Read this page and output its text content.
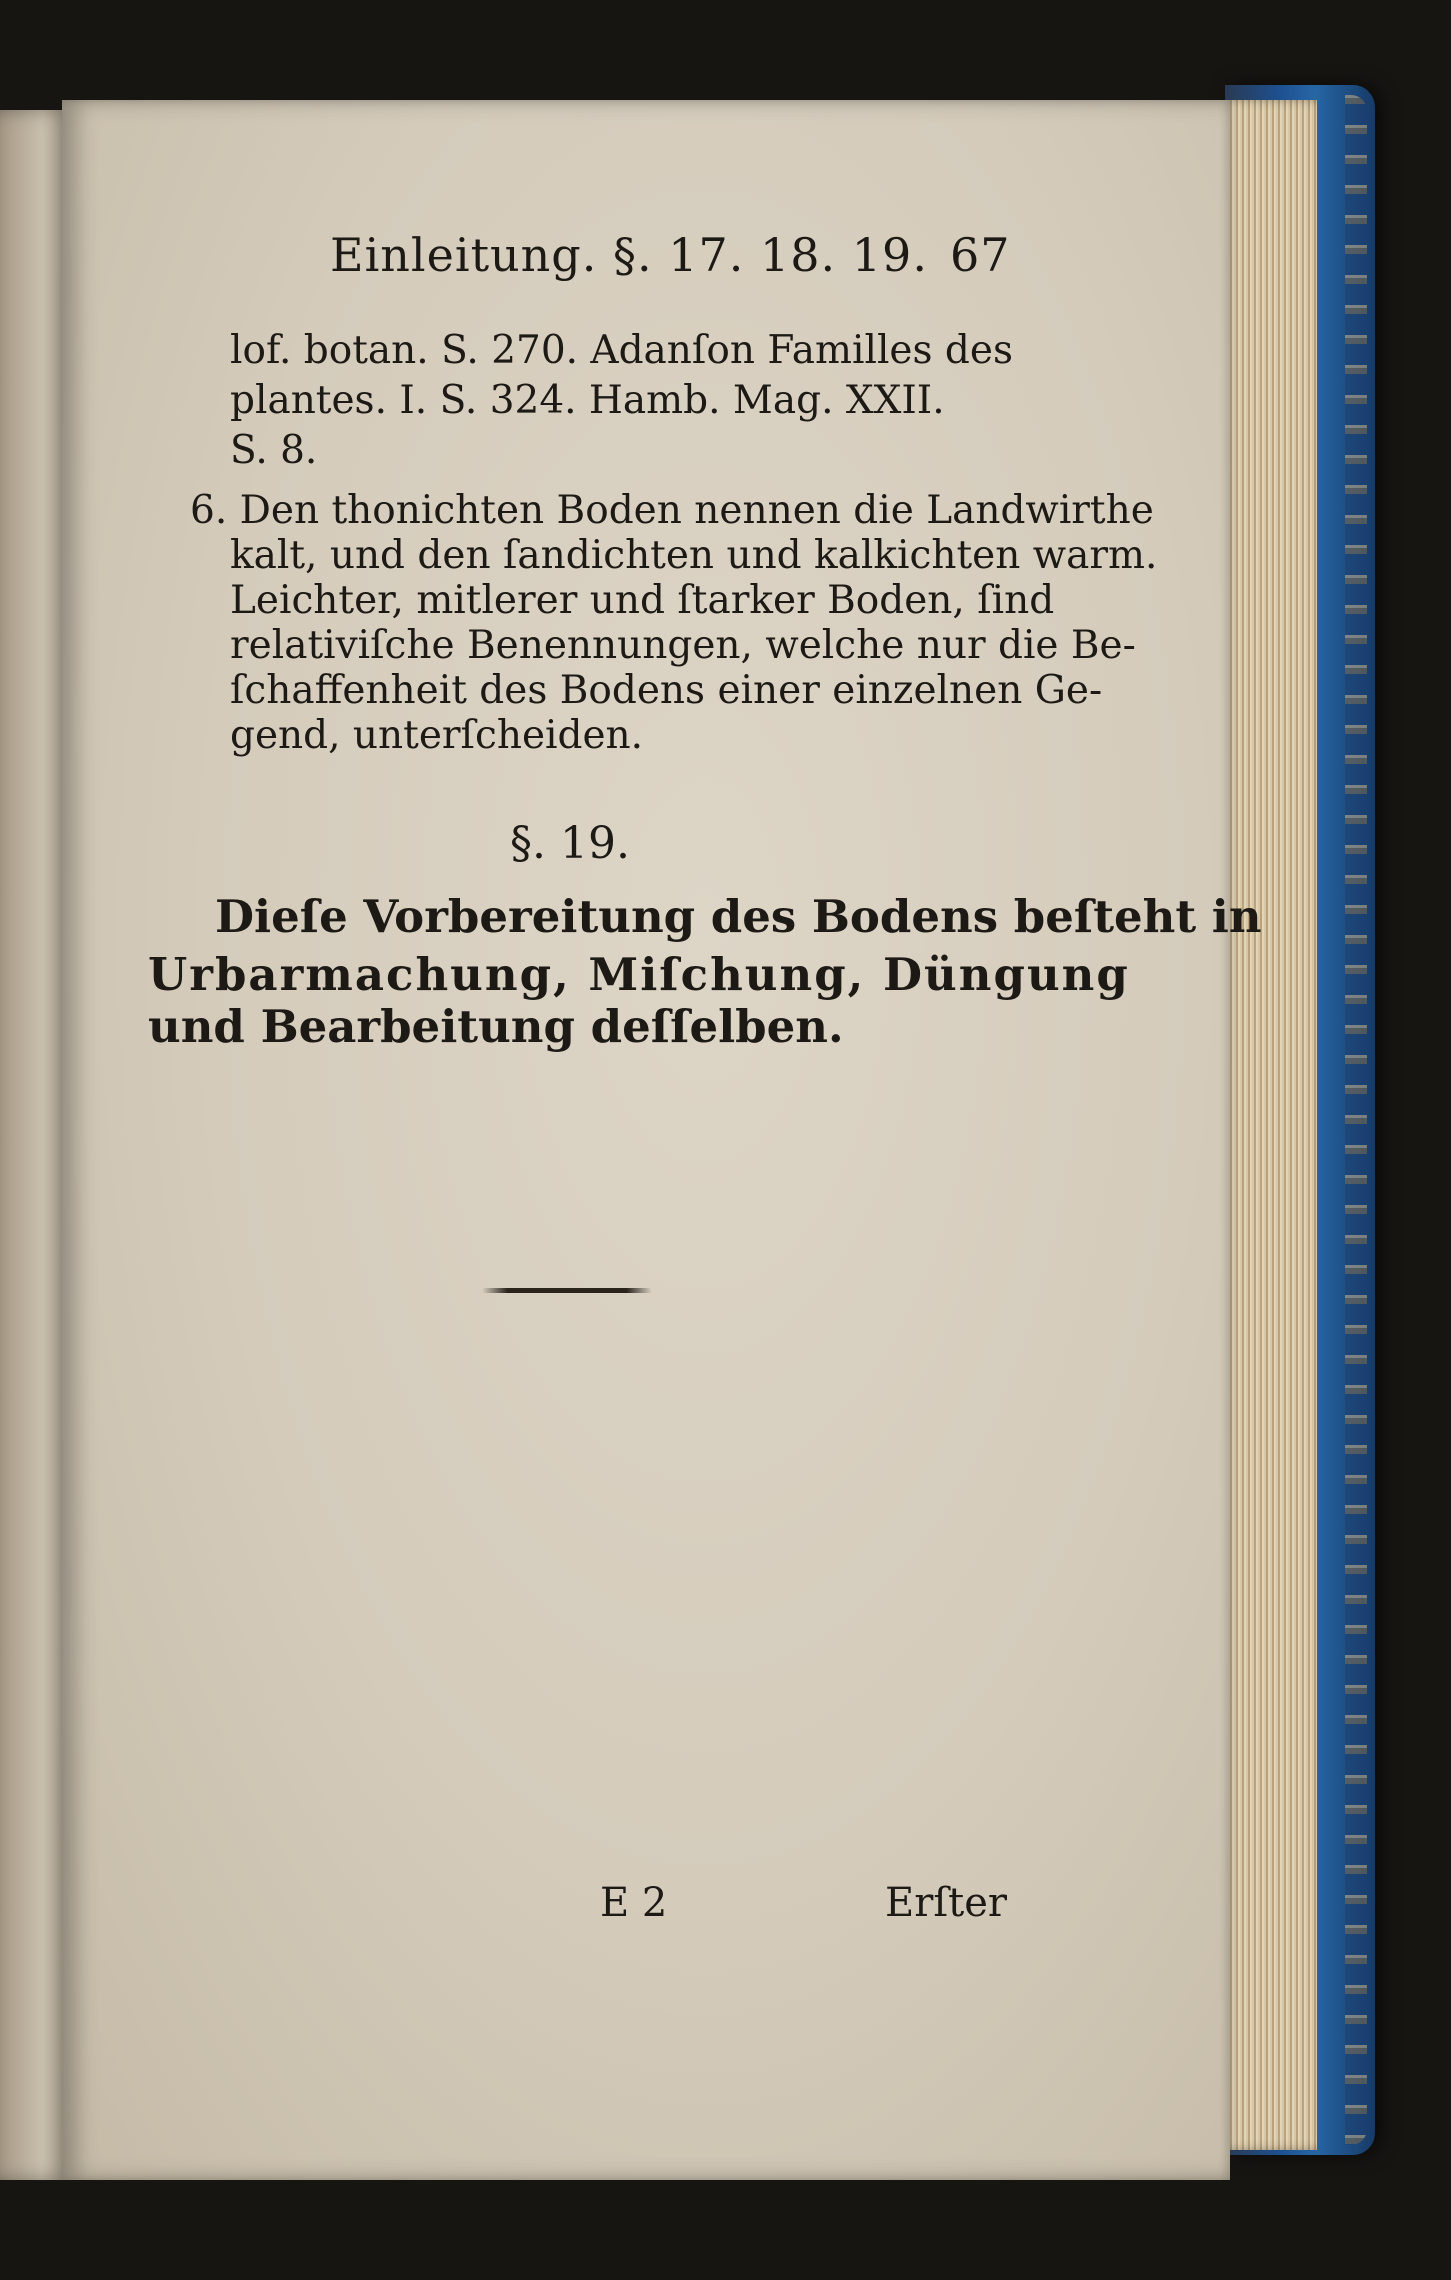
Einleitung. §. 17. 18. 19. 67
lof. botan. S. 270. Adanſon Familles des
plantes. I. S. 324. Hamb. Mag. XXII.
S. 8.
6. Den thonichten Boden nennen die Landwirthe
kalt, und den ſandichten und kalkichten warm.
Leichter, mitlerer und ſtarker Boden, ſind
relativiſche Benennungen, welche nur die Be-
ſchaffenheit des Bodens einer einzelnen Ge-
gend, unterſcheiden.
§. 19.
Dieſe Vorbereitung des Bodens beſteht in
Urbarmachung, Miſchung, Düngung
und Bearbeitung deſſelben.
E 2	Erſter
